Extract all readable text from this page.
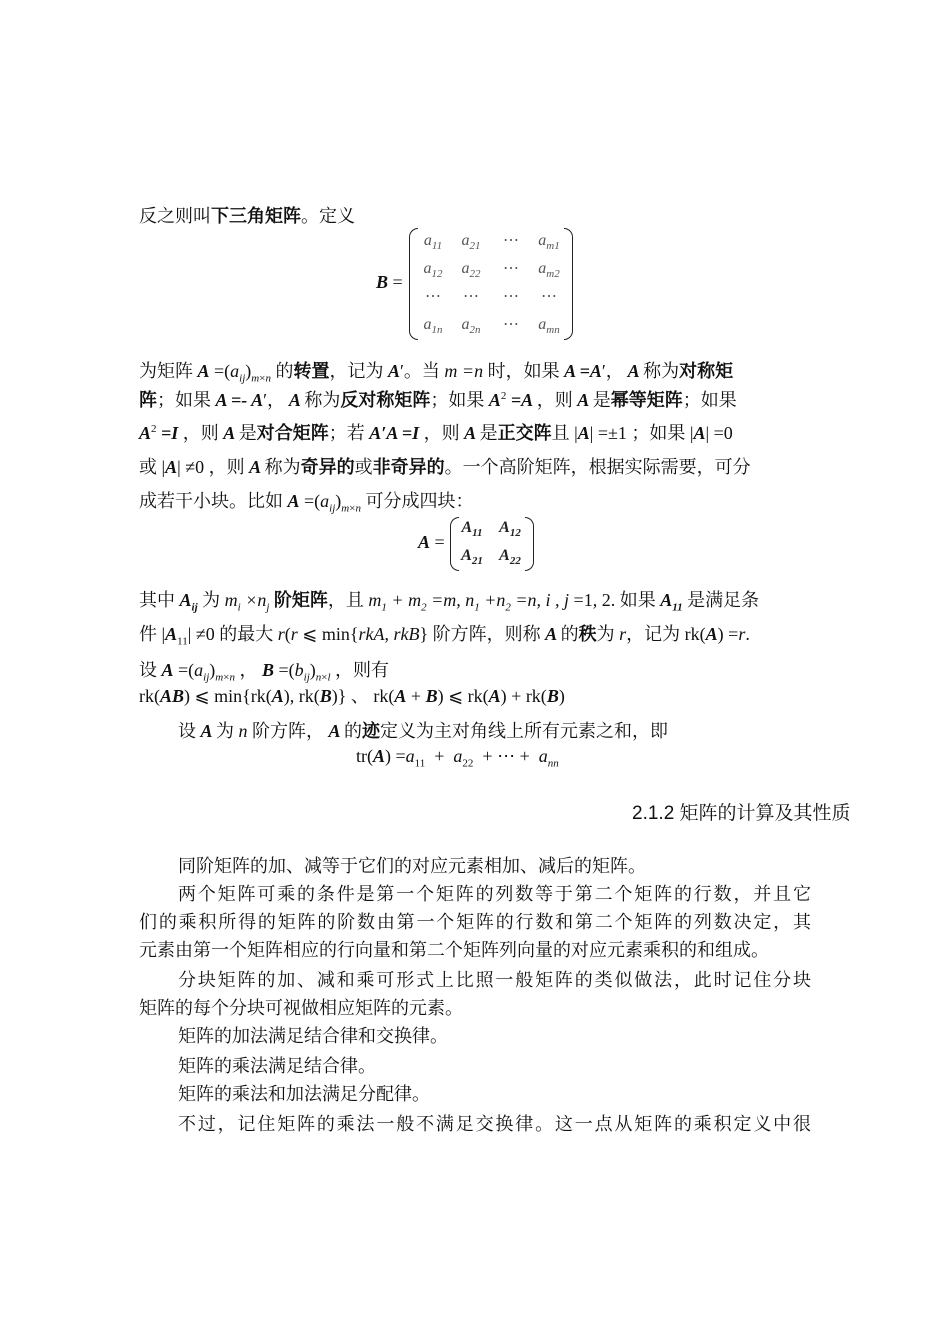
反之则叫下三角矩阵。定义
B =
$a_{11}$	$a_{21}$	⋯	$a_{m1}$
$a_{12}$	$a_{22}$	⋯	$a_{m2}$
⋯	⋯	⋯	⋯
$a_{1n}$	$a_{2n}$	⋯	$a_{mn}$
为矩阵 $A =(a_{ij})_{m\times n}$ 的转置，记为 A′。当 m =n 时，如果 A =A′， A 称为对称矩
阵；如果 A =- A′， A 称为反对称矩阵；如果 $A^2 =A$ ，则 A 是幂等矩阵；如果
$A^2 =I$ ，则 A 是对合矩阵；若 A′A =I ，则 A 是正交阵且 |A| =±1 ；如果 |A| =0
或 |A| ≠0 ，则 A 称为奇异的或非奇异的。一个高阶矩阵，根据实际需要，可分
成若干小块。比如 $A =(a_{ij})_{m\times n}$ 可分成四块：
A =
$A_{11}$	$A_{12}$
$A_{21}$	$A_{22}$
其中 $A_{ij}$ 为 $m_i \times n_j$ 阶矩阵，且 $m_1 + m_2 =m$, $n_1 +n_2 =n$, i , j =1, 2. 如果 $A_{11}$ 是满足条
件 $|A_{11}| \ne 0$ 的最大 r(r ⩽ min{rkA, rkB} 阶方阵，则称 A 的秩为 r，记为 rk(A) =r.
设 $A =(a_{ij})_{m\times n}$ ， $B =(b_{ij})_{n\times l}$ ，则有
rk(AB) ⩽ min{rk(A), rk(B)} 、 rk(A + B) ⩽ rk(A) + rk(B)
设 A 为 n 阶方阵， A 的迹定义为主对角线上所有元素之和，即
$tr(A) =a_{11} + a_{22}$  + ⋯ +  $a_{nn}$
2.1.2 矩阵的计算及其性质
同阶矩阵的加、减等于它们的对应元素相加、减后的矩阵。
两个矩阵可乘的条件是第一个矩阵的列数等于第二个矩阵的行数，并且它
们的乘积所得的矩阵的阶数由第一个矩阵的行数和第二个矩阵的列数决定，其
元素由第一个矩阵相应的行向量和第二个矩阵列向量的对应元素乘积的和组成。
分块矩阵的加、减和乘可形式上比照一般矩阵的类似做法，此时记住分块
矩阵的每个分块可视做相应矩阵的元素。
矩阵的加法满足结合律和交换律。
矩阵的乘法满足结合律。
矩阵的乘法和加法满足分配律。
不过，记住矩阵的乘法一般不满足交换律。这一点从矩阵的乘积定义中很
